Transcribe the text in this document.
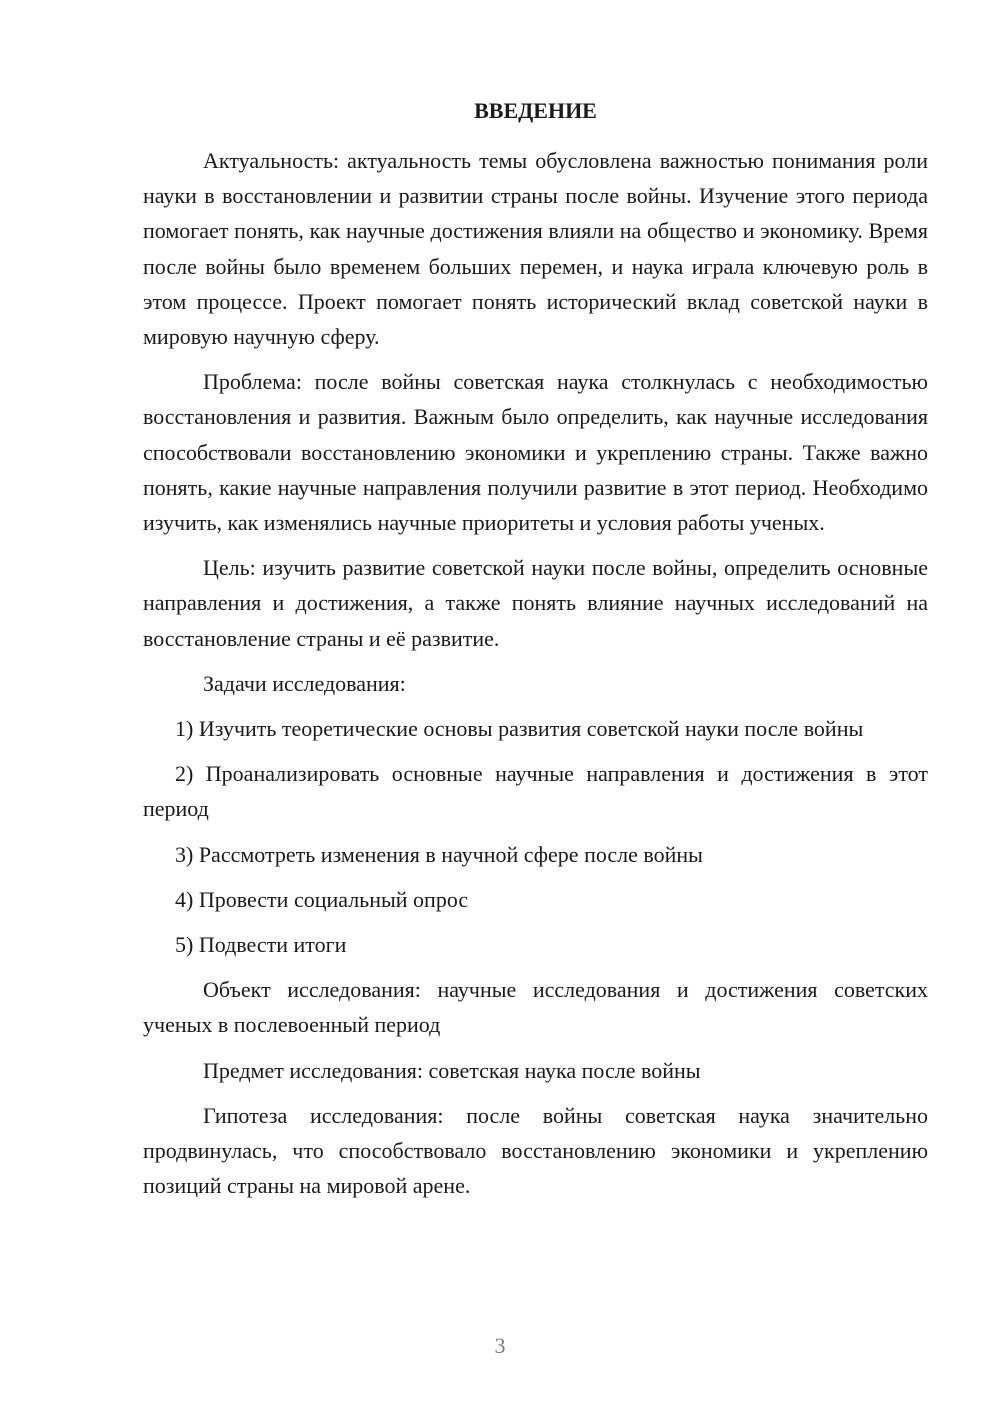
ВВЕДЕНИЕ

Актуальность: актуальность темы обусловлена важностью понимания роли науки в восстановлении и развитии страны после войны. Изучение этого периода помогает понять, как научные достижения влияли на общество и экономику. Время после войны было временем больших перемен, и наука играла ключевую роль в этом процессе. Проект помогает понять исторический вклад советской науки в мировую научную сферу.

Проблема: после войны советская наука столкнулась с необходимостью восстановления и развития. Важным было определить, как научные исследования способствовали восстановлению экономики и укреплению страны. Также важно понять, какие научные направления получили развитие в этот период. Необходимо изучить, как изменялись научные приоритеты и условия работы ученых.

Цель: изучить развитие советской науки после войны, определить основные направления и достижения, а также понять влияние научных исследований на восстановление страны и её развитие.

Задачи исследования:

1) Изучить теоретические основы развития советской науки после войны

2) Проанализировать основные научные направления и достижения в этот период

3) Рассмотреть изменения в научной сфере после войны

4) Провести социальный опрос

5) Подвести итоги

Объект исследования: научные исследования и достижения советских ученых в послевоенный период

Предмет исследования: советская наука после войны

Гипотеза исследования: после войны советская наука значительно продвинулась, что способствовало восстановлению экономики и укреплению позиций страны на мировой арене.

3
